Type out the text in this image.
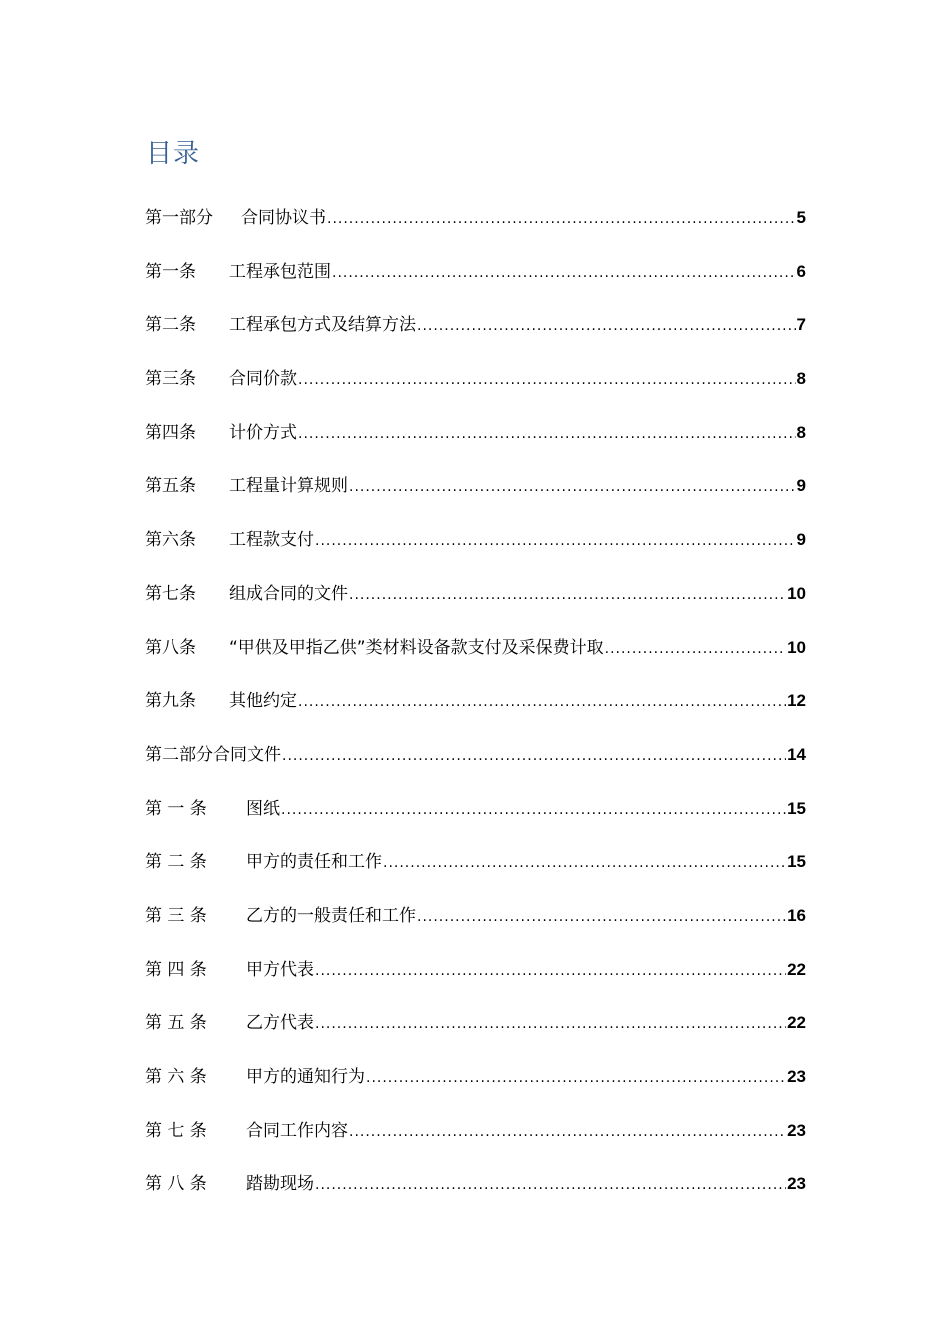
目录
第一部分	合同协议书 .....	5
第一条	工程承包范围 .....	6
第二条	工程承包方式及结算方法 .....	7
第三条	合同价款 .....	8
第四条	计价方式 .....	8
第五条	工程量计算规则 .....	9
第六条	工程款支付 .....	9
第七条	组成合同的文件 .....	10
第八条	“甲供及甲指乙供”类材料设备款支付及采保费计取 .....	10
第九条	其他约定 .....	12
第二部分合同文件 .....	14
第 一 条	图纸 .....	15
第 二 条	甲方的责任和工作 .....	15
第 三 条	乙方的一般责任和工作 .....	16
第 四 条	甲方代表 .....	22
第 五 条	乙方代表 .....	22
第 六 条	甲方的通知行为 .....	23
第 七 条	合同工作内容 .....	23
第 八 条	踏勘现场 .....	23
